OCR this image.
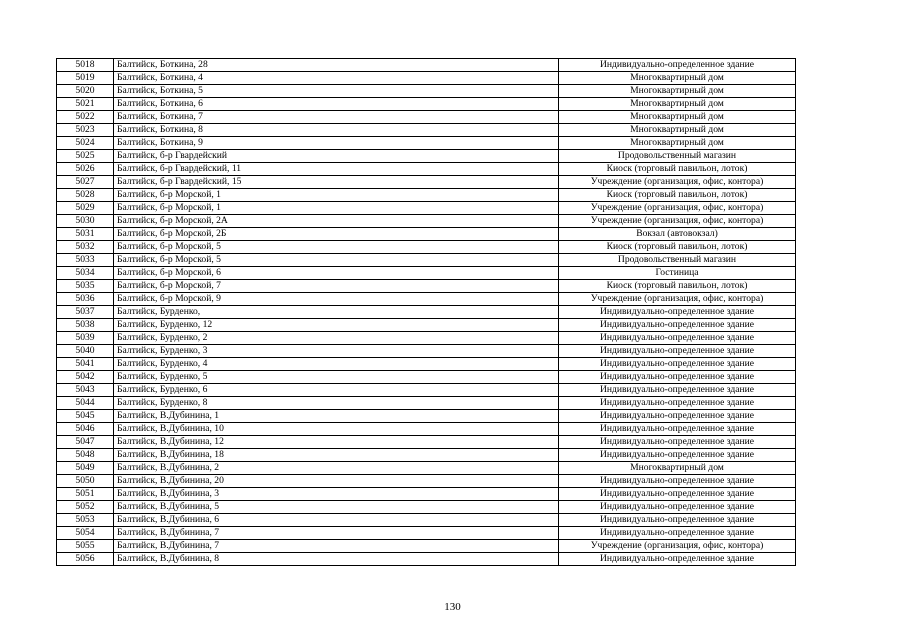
5018	Балтийск, Боткина, 28	Индивидуально-определенное здание
5019	Балтийск, Боткина, 4	Многоквартирный дом
5020	Балтийск, Боткина, 5	Многоквартирный дом
5021	Балтийск, Боткина, 6	Многоквартирный дом
5022	Балтийск, Боткина, 7	Многоквартирный дом
5023	Балтийск, Боткина, 8	Многоквартирный дом
5024	Балтийск, Боткина, 9	Многоквартирный дом
5025	Балтийск, б-р Гвардейский	Продовольственный магазин
5026	Балтийск, б-р Гвардейский, 11	Киоск (торговый павильон, лоток)
5027	Балтийск, б-р Гвардейский, 15	Учреждение (организация, офис, контора)
5028	Балтийск, б-р Морской, 1	Киоск (торговый павильон, лоток)
5029	Балтийск, б-р Морской, 1	Учреждение (организация, офис, контора)
5030	Балтийск, б-р Морской, 2А	Учреждение (организация, офис, контора)
5031	Балтийск, б-р Морской, 2Б	Вокзал (автовокзал)
5032	Балтийск, б-р Морской, 5	Киоск (торговый павильон, лоток)
5033	Балтийск, б-р Морской, 5	Продовольственный магазин
5034	Балтийск, б-р Морской, 6	Гостиница
5035	Балтийск, б-р Морской, 7	Киоск (торговый павильон, лоток)
5036	Балтийск, б-р Морской, 9	Учреждение (организация, офис, контора)
5037	Балтийск, Бурденко,	Индивидуально-определенное здание
5038	Балтийск, Бурденко, 12	Индивидуально-определенное здание
5039	Балтийск, Бурденко, 2	Индивидуально-определенное здание
5040	Балтийск, Бурденко, 3	Индивидуально-определенное здание
5041	Балтийск, Бурденко, 4	Индивидуально-определенное здание
5042	Балтийск, Бурденко, 5	Индивидуально-определенное здание
5043	Балтийск, Бурденко, 6	Индивидуально-определенное здание
5044	Балтийск, Бурденко, 8	Индивидуально-определенное здание
5045	Балтийск, В.Дубинина, 1	Индивидуально-определенное здание
5046	Балтийск, В.Дубинина, 10	Индивидуально-определенное здание
5047	Балтийск, В.Дубинина, 12	Индивидуально-определенное здание
5048	Балтийск, В.Дубинина, 18	Индивидуально-определенное здание
5049	Балтийск, В.Дубинина, 2	Многоквартирный дом
5050	Балтийск, В.Дубинина, 20	Индивидуально-определенное здание
5051	Балтийск, В.Дубинина, 3	Индивидуально-определенное здание
5052	Балтийск, В.Дубинина, 5	Индивидуально-определенное здание
5053	Балтийск, В.Дубинина, 6	Индивидуально-определенное здание
5054	Балтийск, В.Дубинина, 7	Индивидуально-определенное здание
5055	Балтийск, В.Дубинина, 7	Учреждение (организация, офис, контора)
5056	Балтийск, В.Дубинина, 8	Индивидуально-определенное здание
130
